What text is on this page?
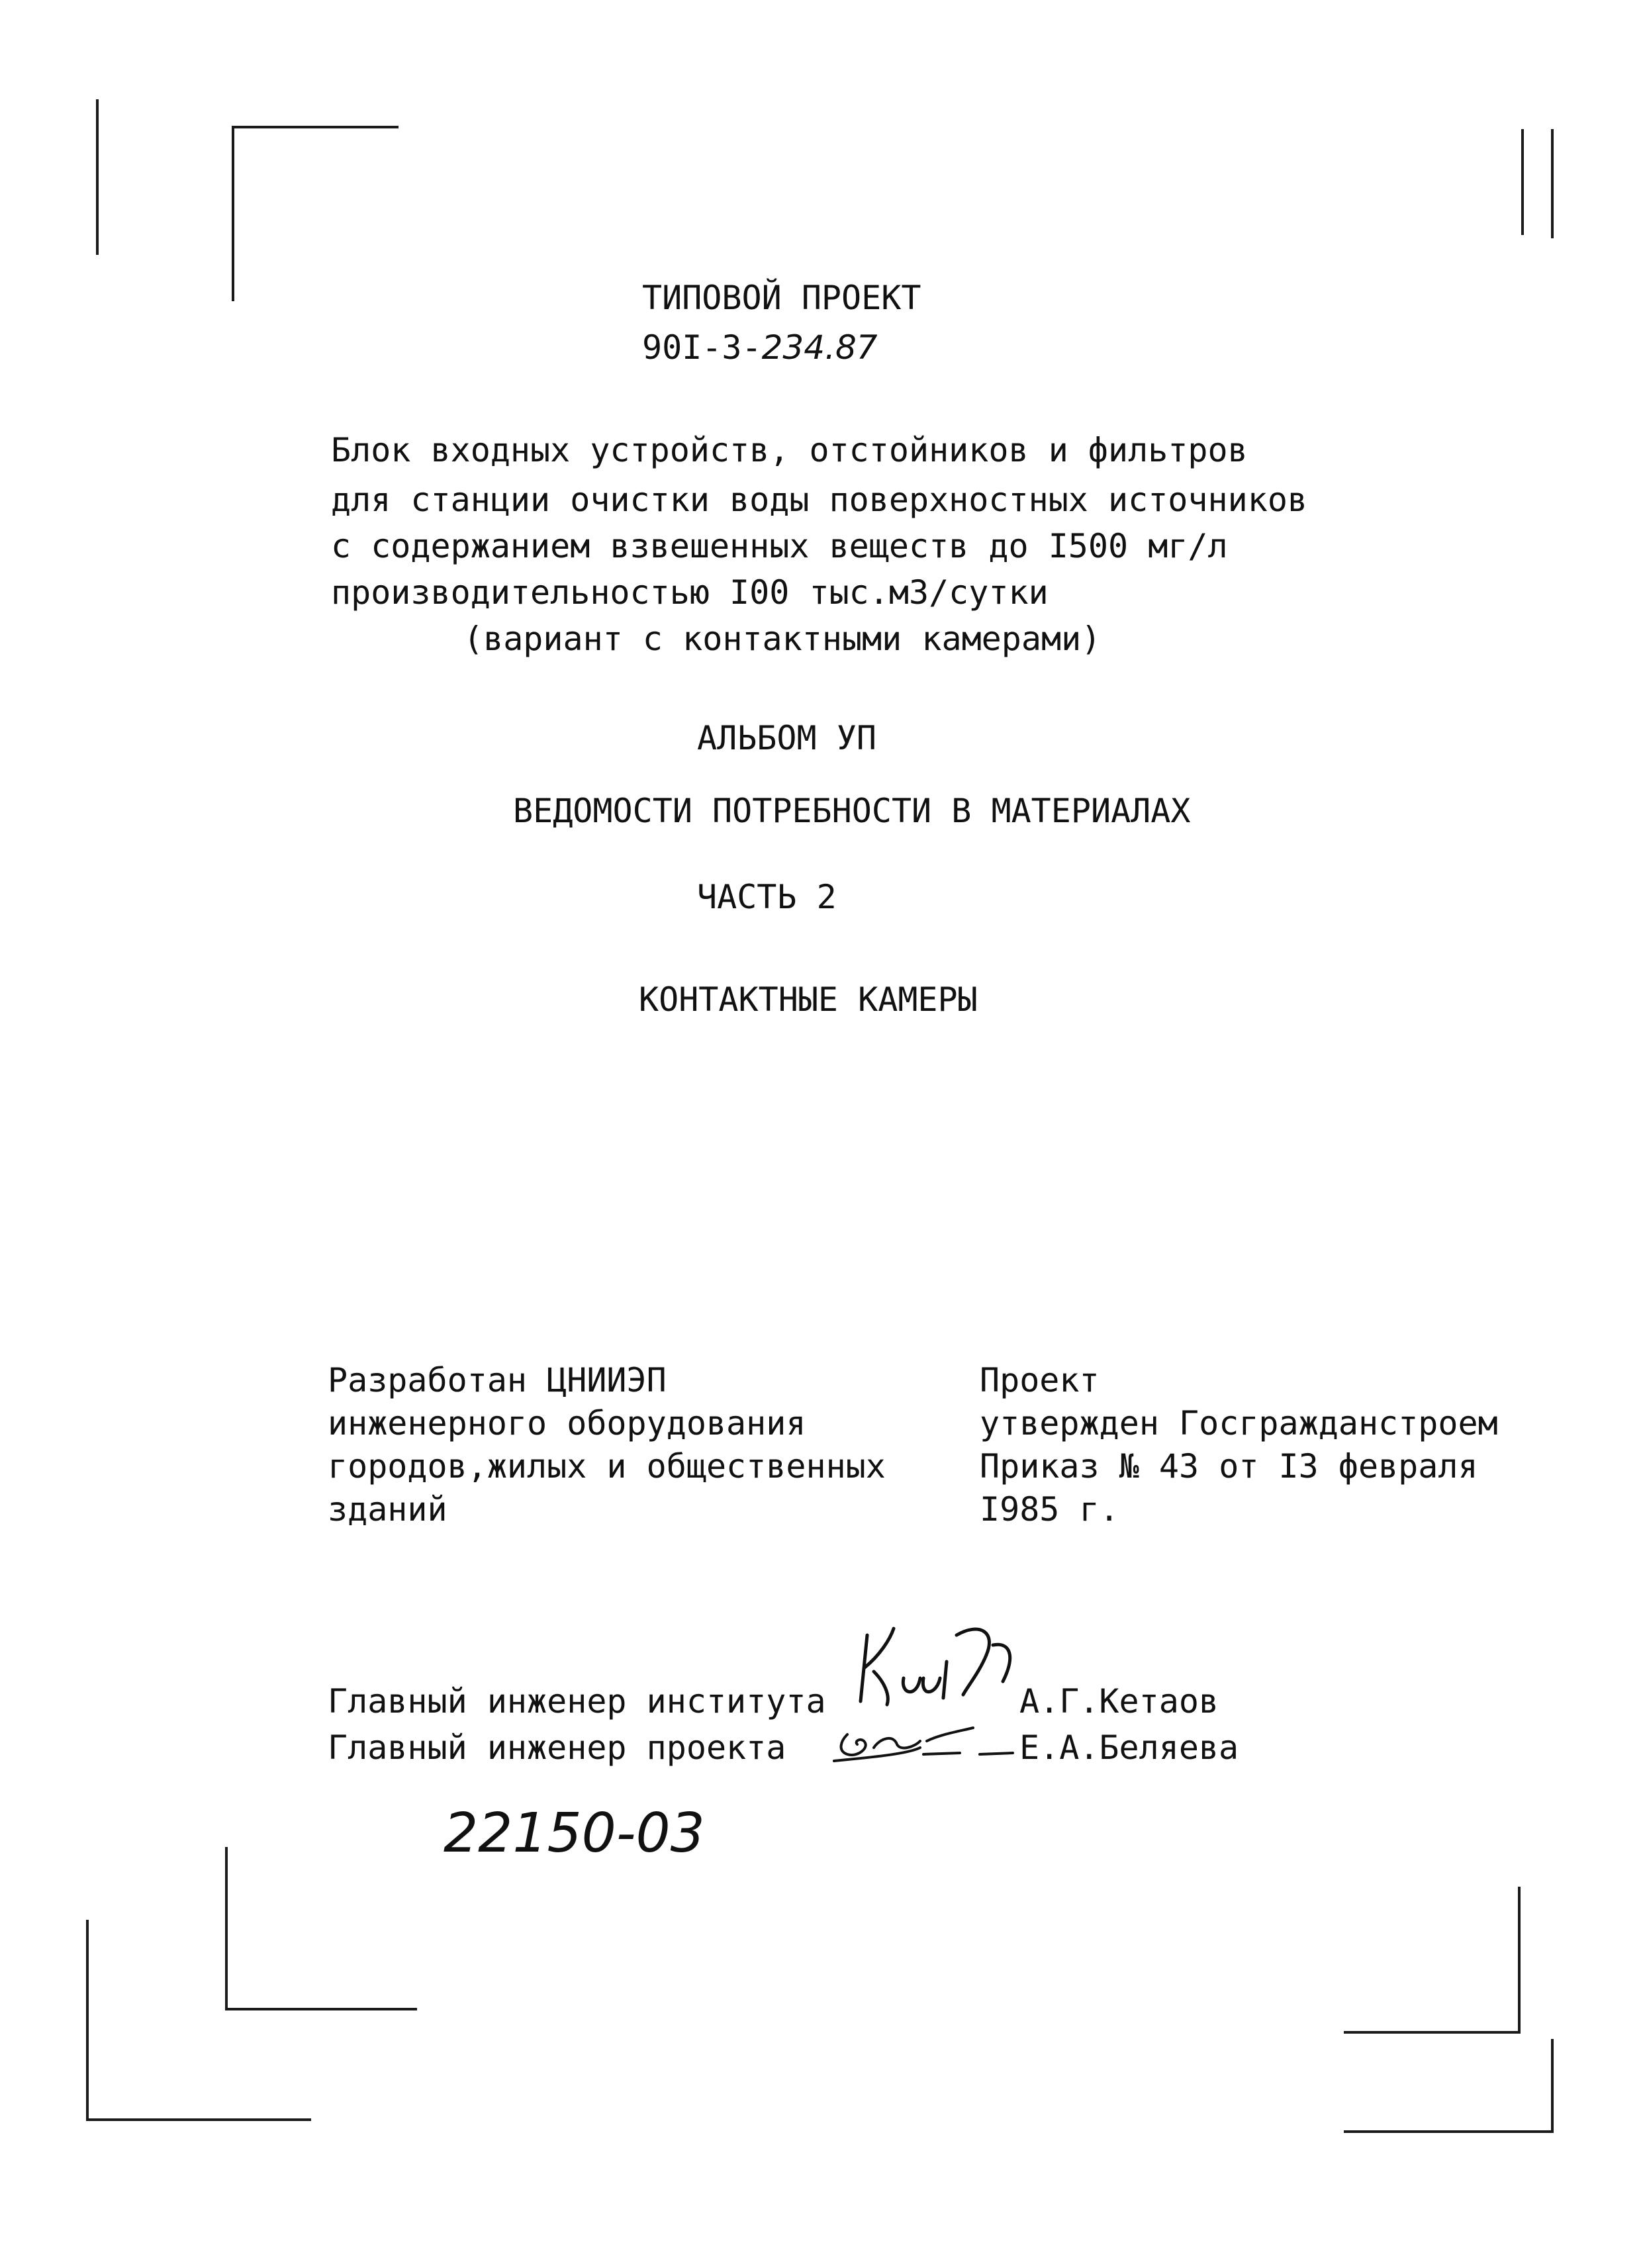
ТИПОВОЙ ПРОЕКТ

90I-3-234.87

Блок входных устройств, отстойников и фильтров

для станции очистки воды поверхностных источников

с содержанием взвешенных веществ до I500 мг/л

производительностью I00 тыс.м3/сутки

(вариант с контактными камерами)

АЛЬБОМ УП

ВЕДОМОСТИ ПОТРЕБНОСТИ В МАТЕРИАЛАХ

ЧАСТЬ 2

КОНТАКТНЫЕ КАМЕРЫ

Разработан ЦНИИЭП

инженерного оборудования

городов,жилых и общественных

зданий

Проект

утвержден Госгражданстроем

Приказ № 43 от I3 февраля

I985 г.

Главный инженер института	А.Г.Кетаов

Главный инженер проекта	Е.А.Беляева

22150-03
